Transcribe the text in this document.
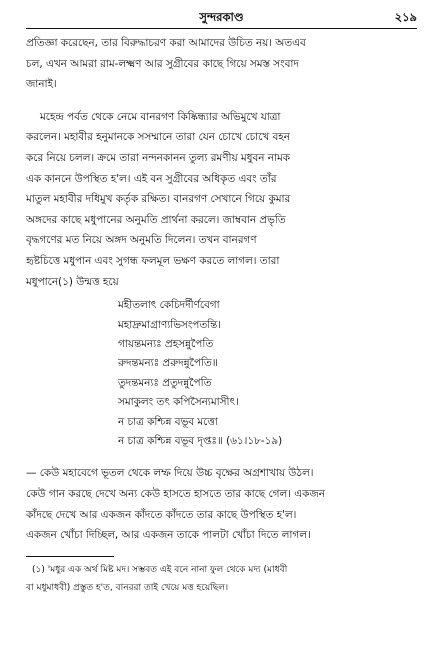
সুন্দরকাণ্ড	২১৯
প্রতিজ্ঞা করেছেন, তার বিরুদ্ধাচরণ করা আমাদের উচিত নয়। অতএব
চল, এখন আমরা রাম-লক্ষ্মণ আর সুগ্রীবের কাছে গিয়ে সমস্ত সংবাদ
জানাই।
মহেন্দ্র পর্বত থেকে নেমে বানরগণ কিষ্কিন্ধ্যার অভিমুখে যাত্রা
করলেন। মহাবীর হনুমানকে সসম্মানে তারা যেন চোখে চোখে বহন
করে নিয়ে চলল। ক্রমে তারা নন্দনকানন তুল্য রমণীয় মধুবন নামক
এক কাননে উপস্থিত হ'ল। এই বন সুগ্রীবের অধিকৃত এবং তাঁর
মাতুল মহাবীর দধিমুখ কর্তৃক রক্ষিত। বানরগণ সেখানে গিয়ে কুমার
অঙ্গদের কাছে মধুপানের অনুমতি প্রার্থনা করলে। জাম্ববান প্রভৃতি
বৃদ্ধগণের মত নিয়ে অঙ্গদ অনুমতি দিলেন। তখন বানরগণ
হৃষ্টচিত্তে মধুপান এবং সুগন্ধ ফলমূল ভক্ষণ করতে লাগল। তারা
মধুপানে(১) উন্মত্ত হয়ে
মহীতলাৎ কেচিদর্দীর্ণবেগা
মহাদ্রুমাগ্রাণ্যভিসংপতন্তি।
গায়ন্তমন্যঃ প্রহসন্নুপৈতি
রুদন্তমন্যঃ প্ররুদন্নুপৈতি॥
তুদন্তমন্যঃ প্রতুদন্নুপৈতি
সমাকুলং তৎ কপিসৈন্যমাসীৎ।
ন চাত্র কশ্চিন্ন বভূব মত্তো
ন চাত্র কশ্চিন্ন বভূব দৃপ্তঃ॥ (৬১।১৮-১৯)
— কেউ মহাবেগে ভূতল থেকে লম্ফ দিয়ে উচ্চ বৃক্ষের অগ্রশাখায় উঠল।
কেউ গান করছে দেখে অন্য কেউ হাসতে হাসতে তার কাছে গেল। একজন
কাঁদছে দেখে আর একজন কাঁদতে কাঁদতে তার কাছে উপস্থিত হ'ল।
একজন খোঁচা দিচ্ছিল, আর একজন তাকে পালটা খোঁচা দিতে লাগল।
(১) 'মধুর এক অর্থ মিষ্ট মদ। সম্ভবত এই বনে নানা ফুল থেকে মদ্য (মাধবী
বা মধুমাধবী) প্রস্তুত হ'ত, বানররা তাই খেয়ে মত্ত হয়েছিল।
